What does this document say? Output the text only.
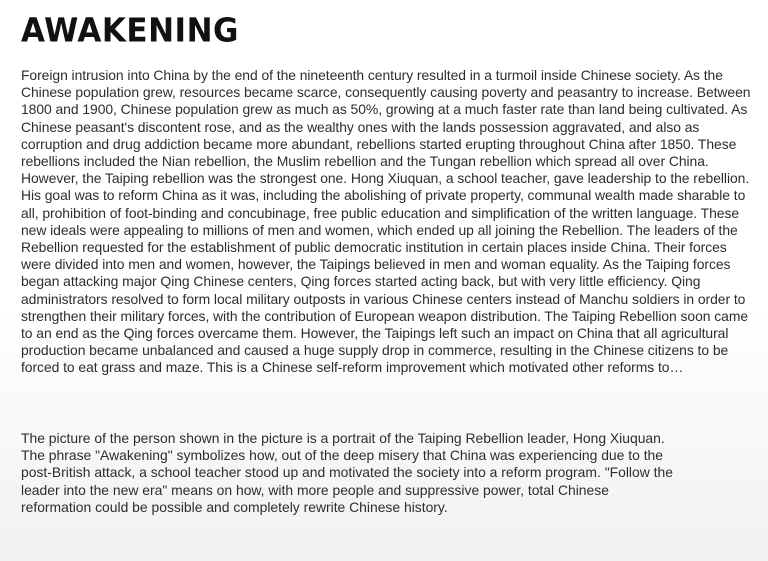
AWAKENING

Foreign intrusion into China by the end of the nineteenth century resulted in a turmoil inside Chinese society. As the Chinese population grew, resources became scarce, consequently causing poverty and peasantry to increase. Between 1800 and 1900, Chinese population grew as much as 50%, growing at a much faster rate than land being cultivated. As Chinese peasant's discontent rose, and as the wealthy ones with the lands possession aggravated, and also as corruption and drug addiction became more abundant, rebellions started erupting throughout China after 1850. These rebellions included the Nian rebellion, the Muslim rebellion and the Tungan rebellion which spread all over China. However, the Taiping rebellion was the strongest one. Hong Xiuquan, a school teacher, gave leadership to the rebellion. His goal was to reform China as it was, including the abolishing of private property, communal wealth made sharable to all, prohibition of foot-binding and concubinage, free public education and simplification of the written language. These new ideals were appealing to millions of men and women, which ended up all joining the Rebellion. The leaders of the Rebellion requested for the establishment of public democratic institution in certain places inside China. Their forces were divided into men and women, however, the Taipings believed in men and woman equality. As the Taiping forces began attacking major Qing Chinese centers, Qing forces started acting back, but with very little efficiency. Qing administrators resolved to form local military outposts in various Chinese centers instead of Manchu soldiers in order to strengthen their military forces, with the contribution of European weapon distribution. The Taiping Rebellion soon came to an end as the Qing forces overcame them. However, the Taipings left such an impact on China that all agricultural production became unbalanced and caused a huge supply drop in commerce, resulting in the Chinese citizens to be forced to eat grass and maze. This is a Chinese self-reform improvement which motivated other reforms to…

The picture of the person shown in the picture is a portrait of the Taiping Rebellion leader, Hong Xiuquan. The phrase "Awakening" symbolizes how, out of the deep misery that China was experiencing due to the post-British attack, a school teacher stood up and motivated the society into a reform program. "Follow the leader into the new era" means on how, with more people and suppressive power, total Chinese reformation could be possible and completely rewrite Chinese history.
